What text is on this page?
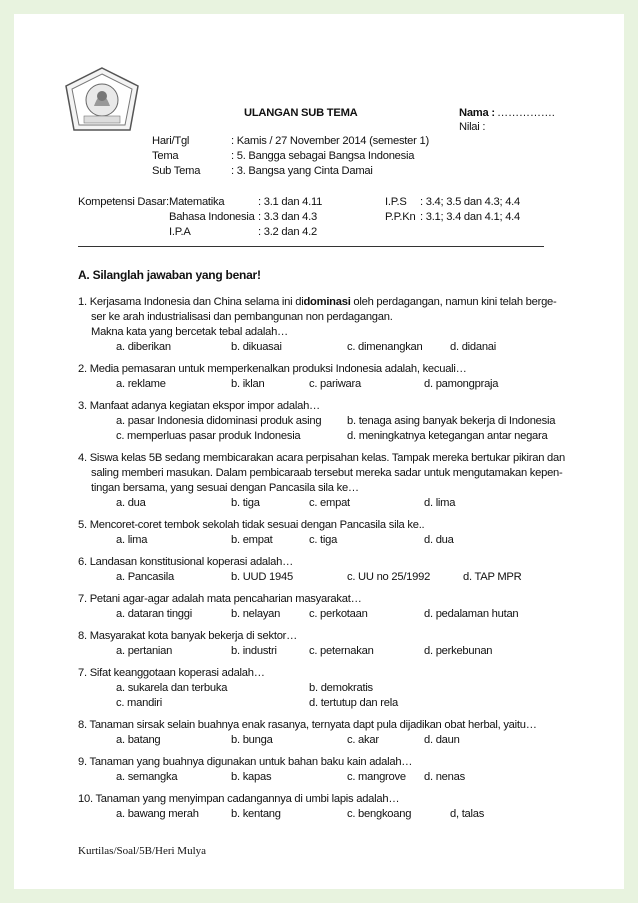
ULANGAN SUB TEMA	Nama : …………….
Nilai :
Hari/Tgl	: Kamis / 27 November 2014 (semester 1)
Tema	: 5. Bangga sebagai Bangsa Indonesia
Sub Tema	: 3. Bangsa yang Cinta Damai
Kompetensi Dasar: Matematika	: 3.1 dan 4.11	I.P.S : 3.4; 3.5 dan 4.3; 4.4
Bahasa Indonesia : 3.3 dan 4.3	P.P.Kn : 3.1; 3.4 dan 4.1; 4.4
I.P.A	: 3.2 dan 4.2
A. Silanglah jawaban yang benar!
1. Kerjasama Indonesia dan China selama ini didominasi oleh perdagangan, namun kini telah berge-
ser ke arah industrialisasi dan pembangunan non perdagangan.
Makna kata yang bercetak tebal adalah…
a. diberikan	b. dikuasai	c. dimenangkan d. didanai
2. Media pemasaran untuk memperkenalkan produksi Indonesia adalah, kecuali…
a. reklame	b. iklan	c. pariwara	d. pamongpraja
3. Manfaat adanya kegiatan ekspor impor adalah…
a. pasar Indonesia didominasi produk asing b. tenaga asing banyak bekerja di Indonesia
c. memperluas pasar produk Indonesia	d. meningkatnya ketegangan antar negara
4. Siswa kelas 5B sedang membicarakan acara perpisahan kelas. Tampak mereka bertukar pikiran dan
saling memberi masukan. Dalam pembicaraab tersebut mereka sadar untuk mengutamakan kepen-
tingan bersama, yang sesuai dengan Pancasila sila ke…
a. dua	b. tiga	c. empat	d. lima
5. Mencoret-coret tembok sekolah tidak sesuai dengan Pancasila sila ke..
a. lima	b. empat	c. tiga	d. dua
6. Landasan konstitusional koperasi adalah…
a. Pancasila	b. UUD 1945	c. UU no 25/1992	d. TAP MPR
7. Petani agar-agar adalah mata pencaharian masyarakat…
a. dataran tinggi	b. nelayan	c. perkotaan	d. pedalaman hutan
8. Masyarakat kota banyak bekerja di sektor…
a. pertanian	b. industri	c. peternakan	d. perkebunan
7. Sifat keanggotaan koperasi adalah…
a. sukarela dan terbuka	b. demokratis
c. mandiri	d. tertutup dan rela
8. Tanaman sirsak selain buahnya enak rasanya, ternyata dapt pula dijadikan obat herbal, yaitu…
a. batang	b. bunga	c. akar	d. daun
9. Tanaman yang buahnya digunakan untuk bahan baku kain adalah…
a. semangka	b. kapas	c. mangrove d. nenas
10. Tanaman yang menyimpan cadangannya di umbi lapis adalah…
a. bawang merah	b. kentang	c. bengkoang	d, talas
Kurtilas/Soal/5B/Heri Mulya
